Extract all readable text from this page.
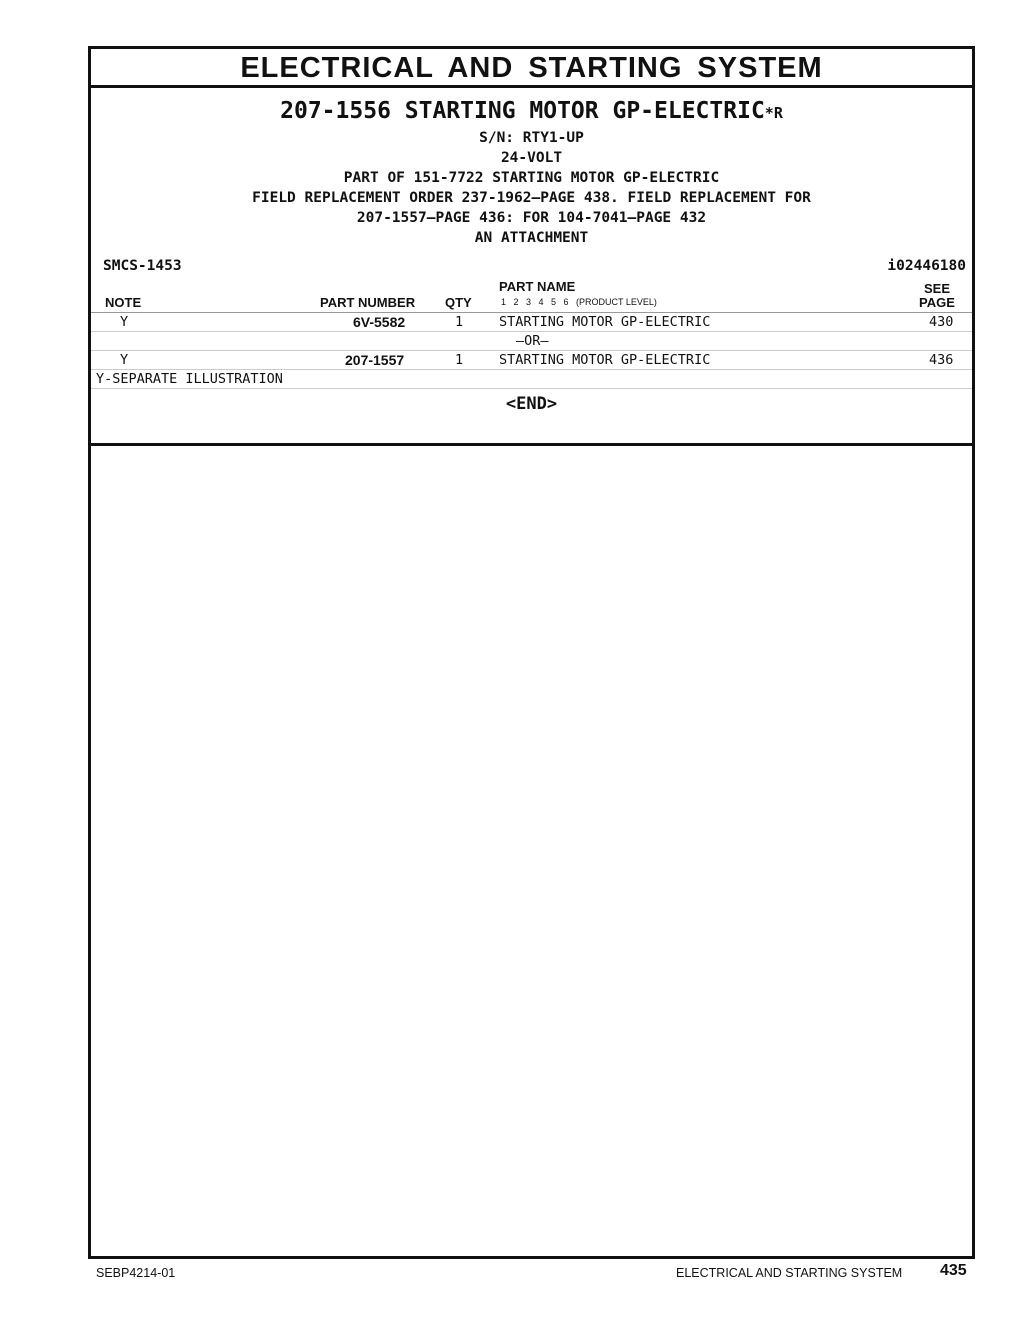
ELECTRICAL AND STARTING SYSTEM
207-1556 STARTING MOTOR GP-ELECTRIC*R
S/N: RTY1-UP
24-VOLT
PART OF 151-7722 STARTING MOTOR GP-ELECTRIC
FIELD REPLACEMENT ORDER 237-1962—PAGE 438. FIELD REPLACEMENT FOR
207-1557—PAGE 436: FOR 104-7041—PAGE 432
AN ATTACHMENT
SMCS-1453	i02446180
NOTE	PART NUMBER QTY
PART NAME
1   2   3   4   5   6   (PRODUCT LEVEL)
SEE
PAGE
Y	6V-5582	1	STARTING MOTOR GP-ELECTRIC	430
—OR—
Y	207-1557	1	STARTING MOTOR GP-ELECTRIC	436
Y-SEPARATE ILLUSTRATION
<END>
SEBP4214-01	ELECTRICAL AND STARTING SYSTEM 435
